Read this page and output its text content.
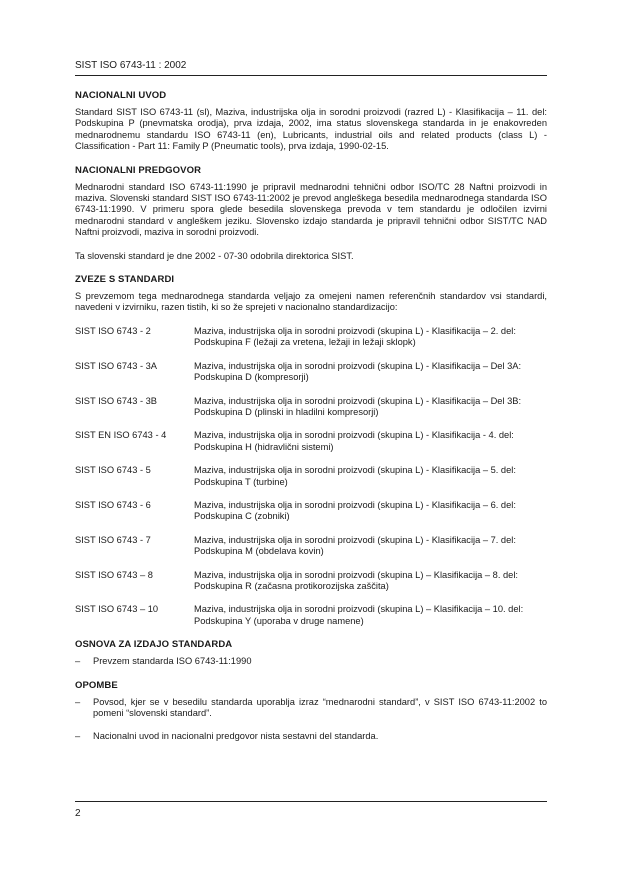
SIST ISO 6743-11 : 2002
NACIONALNI UVOD

Standard SIST ISO 6743-11 (sl), Maziva, industrijska olja in sorodni proizvodi (razred L) - Klasifikacija – 11. del: Podskupina P (pnevmatska orodja), prva izdaja, 2002, ima status slovenskega standarda in je enakovreden mednarodnemu standardu ISO 6743-11 (en), Lubricants, industrial oils and related products (class L) - Classification - Part 11: Family P (Pneumatic tools), prva izdaja, 1990-02-15.

NACIONALNI PREDGOVOR

Mednarodni standard ISO 6743-11:1990 je pripravil mednarodni tehnični odbor ISO/TC 28 Naftni proizvodi in maziva. Slovenski standard SIST ISO 6743-11:2002 je prevod angleškega besedila mednarodnega standarda ISO 6743-11:1990. V primeru spora glede besedila slovenskega prevoda v tem standardu je odločilen izvirni mednarodni standard v angleškem jeziku. Slovensko izdajo standarda je pripravil tehnični odbor SIST/TC NAD Naftni proizvodi, maziva in sorodni proizvodi.

Ta slovenski standard je dne 2002 - 07-30 odobrila direktorica SIST.

ZVEZE S STANDARDI

S prevzemom tega mednarodnega standarda veljajo za omejeni namen referenčnih standardov vsi standardi, navedeni v izvirniku, razen tistih, ki so že sprejeti v nacionalno standardizacijo:

SIST ISO 6743 - 2	Maziva, industrijska olja in sorodni proizvodi (skupina L) - Klasifikacija – 2. del: Podskupina F (ležaji za vretena, ležaji in ležaji sklopk)
SIST ISO 6743 - 3A	Maziva, industrijska olja in sorodni proizvodi (skupina L) - Klasifikacija – Del 3A: Podskupina D (kompresorji)
SIST ISO 6743 - 3B	Maziva, industrijska olja in sorodni proizvodi (skupina L) - Klasifikacija – Del 3B: Podskupina D (plinski in hladilni kompresorji)
SIST EN ISO 6743 - 4	Maziva, industrijska olja in sorodni proizvodi (skupina L) - Klasifikacija - 4. del: Podskupina H (hidravlični sistemi)
SIST ISO 6743 - 5	Maziva, industrijska olja in sorodni proizvodi (skupina L) - Klasifikacija – 5. del: Podskupina T (turbine)
SIST ISO 6743 - 6	Maziva, industrijska olja in sorodni proizvodi (skupina L) - Klasifikacija – 6. del: Podskupina C (zobniki)
SIST ISO 6743 - 7	Maziva, industrijska olja in sorodni proizvodi (skupina L) - Klasifikacija – 7. del: Podskupina M (obdelava kovin)
SIST ISO 6743 – 8	Maziva, industrijska olja in sorodni proizvodi (skupina L) – Klasifikacija – 8. del: Podskupina R (začasna protikorozijska zaščita)
SIST ISO 6743 – 10	Maziva, industrijska olja in sorodni proizvodi (skupina L) – Klasifikacija – 10. del: Podskupina Y (uporaba v druge namene)
OSNOVA ZA IZDAJO STANDARDA
–	Prevzem standarda ISO 6743-11:1990
OPOMBE
–	Povsod, kjer se v besedilu standarda uporablja izraz “mednarodni standard”, v SIST ISO 6743-11:2002 to pomeni “slovenski standard”.
–	Nacionalni uvod in nacionalni predgovor nista sestavni del standarda.
2
